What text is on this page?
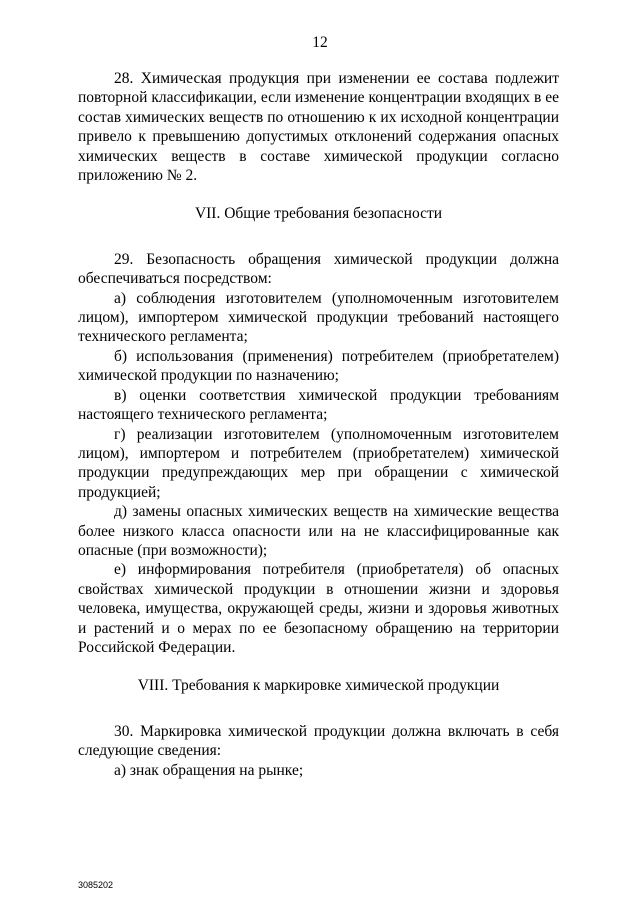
12

28. Химическая продукция при изменении ее состава подлежит повторной классификации, если изменение концентрации входящих в ее состав химических веществ по отношению к их исходной концентрации привело к превышению допустимых отклонений содержания опасных химических веществ в составе химической продукции согласно приложению № 2.

VII. Общие требования безопасности

29. Безопасность обращения химической продукции должна обеспечиваться посредством:

а) соблюдения изготовителем (уполномоченным изготовителем лицом), импортером химической продукции требований настоящего технического регламента;

б) использования (применения) потребителем (приобретателем) химической продукции по назначению;

в) оценки соответствия химической продукции требованиям настоящего технического регламента;

г) реализации изготовителем (уполномоченным изготовителем лицом), импортером и потребителем (приобретателем) химической продукции предупреждающих мер при обращении с химической продукцией;

д) замены опасных химических веществ на химические вещества более низкого класса опасности или на не классифицированные как опасные (при возможности);

е) информирования потребителя (приобретателя) об опасных свойствах химической продукции в отношении жизни и здоровья человека, имущества, окружающей среды, жизни и здоровья животных и растений и о мерах по ее безопасному обращению на территории Российской Федерации.

VIII. Требования к маркировке химической продукции

30. Маркировка химической продукции должна включать в себя следующие сведения:

а) знак обращения на рынке;

3085202
